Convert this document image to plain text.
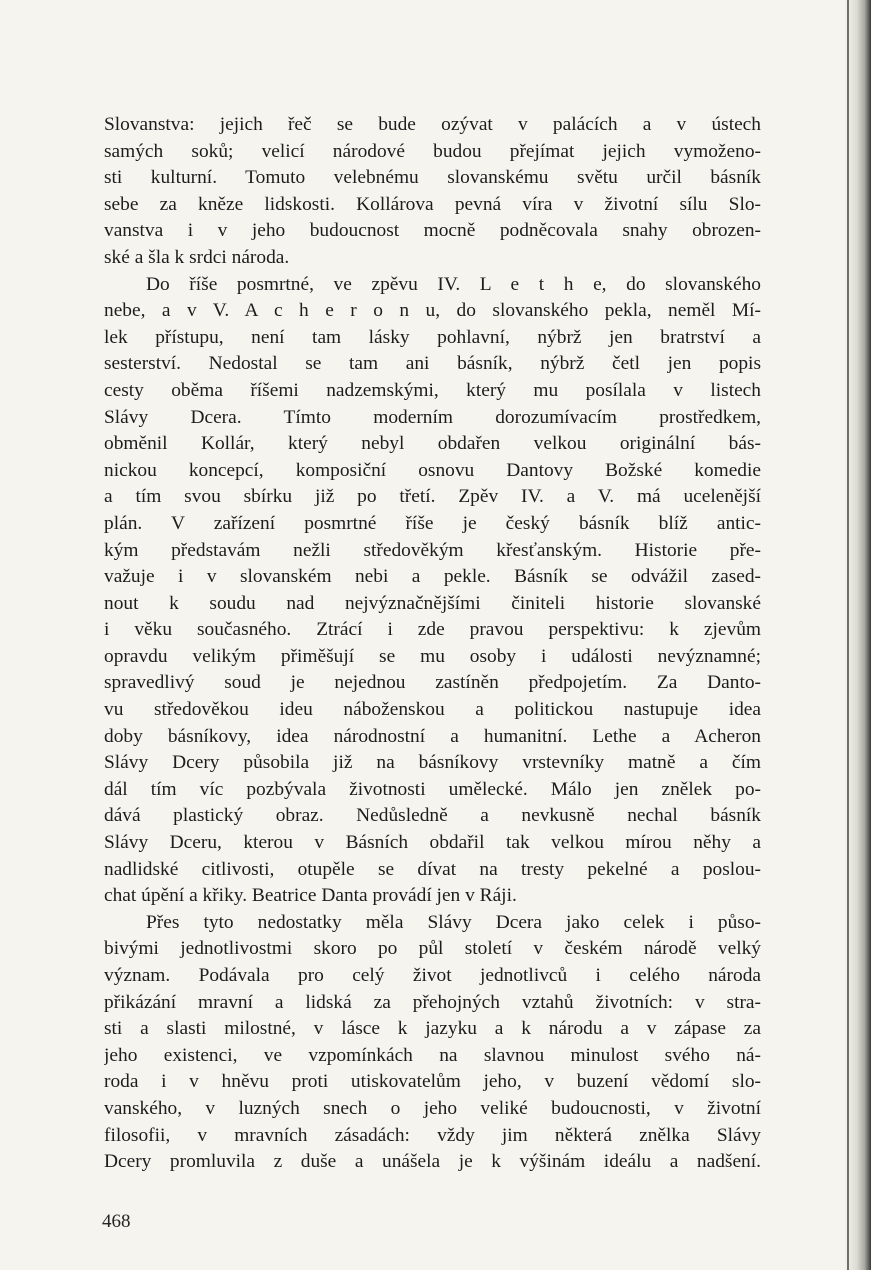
Slovanstva: jejich řeč se bude ozývat v palácích a v ústech
samých soků; velicí národové budou přejímat jejich vymoženo-
sti kulturní. Tomuto velebnému slovanskému světu určil básník
sebe za kněze lidskosti. Kollárova pevná víra v životní sílu Slo-
vanstva i v jeho budoucnost mocně podněcovala snahy obrozen-
ské a šla k srdci národa.
Do říše posmrtné, ve zpěvu IV. L e t h e, do slovanského
nebe, a v V. A c h e r o n u, do slovanského pekla, neměl Mí-
lek přístupu, není tam lásky pohlavní, nýbrž jen bratrství a
sesterství. Nedostal se tam ani básník, nýbrž četl jen popis
cesty oběma říšemi nadzemskými, který mu posílala v listech
Slávy Dcera. Tímto moderním dorozumívacím prostředkem,
obměnil Kollár, který nebyl obdařen velkou originální bás-
nickou koncepcí, komposiční osnovu Dantovy Božské komedie
a tím svou sbírku již po třetí. Zpěv IV. a V. má ucelenější
plán. V zařízení posmrtné říše je český básník blíž antic-
kým představám nežli středověkým křesťanským. Historie pře-
važuje i v slovanském nebi a pekle. Básník se odvážil zased-
nout k soudu nad nejvýznačnějšími činiteli historie slovanské
i věku současného. Ztrácí i zde pravou perspektivu: k zjevům
opravdu velikým přiměšují se mu osoby i události nevýznamné;
spravedlivý soud je nejednou zastíněn předpojetím. Za Danto-
vu středověkou ideu náboženskou a politickou nastupuje idea
doby básníkovy, idea národnostní a humanitní. Lethe a Acheron
Slávy Dcery působila již na básníkovy vrstevníky matně a čím
dál tím víc pozbývala životnosti umělecké. Málo jen znělek po-
dává plastický obraz. Nedůsledně a nevkusně nechal básník
Slávy Dceru, kterou v Básních obdařil tak velkou mírou něhy a
nadlidské citlivosti, otupěle se dívat na tresty pekelné a poslou-
chat úpění a křiky. Beatrice Danta provádí jen v Ráji.
Přes tyto nedostatky měla Slávy Dcera jako celek i půso-
bivými jednotlivostmi skoro po půl století v českém národě velký
význam. Podávala pro celý život jednotlivců i celého národa
přikázání mravní a lidská za přehojných vztahů životních: v stra-
sti a slasti milostné, v lásce k jazyku a k národu a v zápase za
jeho existenci, ve vzpomínkách na slavnou minulost svého ná-
roda i v hněvu proti utiskovatelům jeho, v buzení vědomí slo-
vanského, v luzných snech o jeho veliké budoucnosti, v životní
filosofii, v mravních zásadách: vždy jim některá znělka Slávy
Dcery promluvila z duše a unášela je k výšinám ideálu a nadšení.
468
